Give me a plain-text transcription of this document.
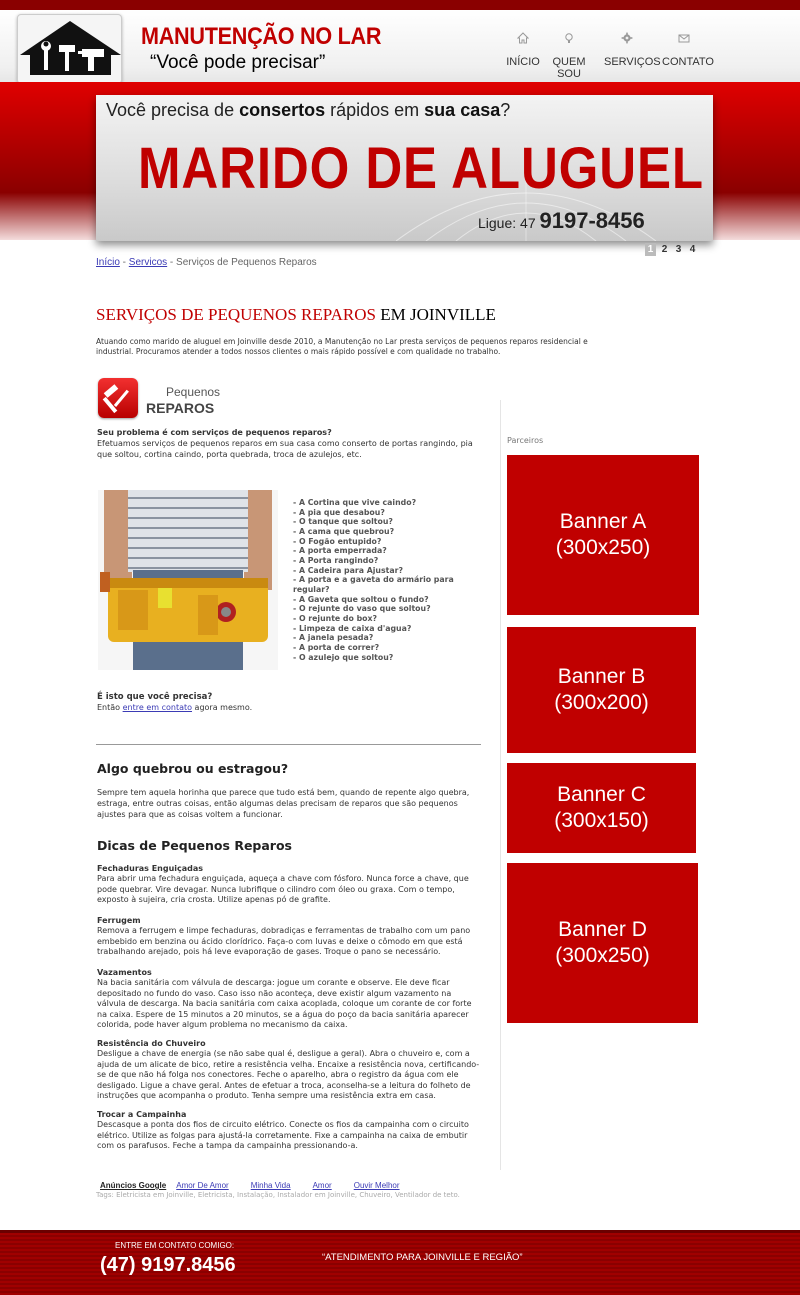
MANUTENÇÃO NO LAR
“Você pode precisar”	INÍCIO	QUEM SOU
SERVIÇOS CONTATO
Você precisa de consertos rápidos em sua casa?
MARIDO DE ALUGUEL
Ligue: 47 9197-8456
1 2 3 4
Início - Servicos - Serviços de Pequenos Reparos
SERVIÇOS DE PEQUENOS REPAROS EM JOINVILLE
Atuando como marido de aluguel em Joinville desde 2010, a Manutenção no Lar presta serviços de pequenos reparos residencial e industrial. Procuramos atender a todos nossos clientes o mais rápido possível e com qualidade no trabalho.
Pequenos
REPAROS
Seu problema é com serviços de pequenos reparos?
Efetuamos serviços de pequenos reparos em sua casa como conserto de portas rangindo, pia que soltou, cortina caindo, porta quebrada, troca de azulejos, etc.
- A Cortina que vive caindo?
- A pia que desabou?
- O tanque que soltou?
- A cama que quebrou?
- O Fogão entupido?
- A porta emperrada?
- A Porta rangindo?
- A Cadeira para Ajustar?
- A porta e a gaveta do armário para regular?
- A Gaveta que soltou o fundo?
- O rejunte do vaso que soltou?
- O rejunte do box?
- Limpeza de caixa d'agua?
- A janela pesada?
- A porta de correr?
- O azulejo que soltou?
É isto que você precisa?
Então entre em contato agora mesmo.
Algo quebrou ou estragou?
Sempre tem aquela horinha que parece que tudo está bem, quando de repente algo quebra, estraga, entre outras coisas, então algumas delas precisam de reparos que são pequenos ajustes para que as coisas voltem a funcionar.
Dicas de Pequenos Reparos
Fechaduras Enguiçadas
Para abrir uma fechadura enguiçada, aqueça a chave com fósforo. Nunca force a chave, que pode quebrar. Vire devagar. Nunca lubrifique o cilindro com óleo ou graxa. Com o tempo, exposto à sujeira, cria crosta. Utilize apenas pó de grafite.
Ferrugem
Remova a ferrugem e limpe fechaduras, dobradiças e ferramentas de trabalho com um pano embebido em benzina ou ácido clorídrico. Faça-o com luvas e deixe o cômodo em que está trabalhando arejado, pois há leve evaporação de gases. Troque o pano se necessário.
Vazamentos
Na bacia sanitária com válvula de descarga: jogue um corante e observe. Ele deve ficar depositado no fundo do vaso. Caso isso não aconteça, deve existir algum vazamento na válvula de descarga. Na bacia sanitária com caixa acoplada, coloque um corante de cor forte na caixa. Espere de 15 minutos a 20 minutos, se a água do poço da bacia sanitária aparecer colorida, pode haver algum problema no mecanismo da caixa.
Resistência do Chuveiro
Desligue a chave de energia (se não sabe qual é, desligue a geral). Abra o chuveiro e, com a ajuda de um alicate de bico, retire a resistência velha. Encaixe a resistência nova, certificando-se de que não há folga nos conectores. Feche o aparelho, abra o registro da água com ele desligado. Ligue a chave geral. Antes de efetuar a troca, aconselha-se a leitura do folheto de instruções que acompanha o produto. Tenha sempre uma resistência extra em casa.
Trocar a Campainha
Descasque a ponta dos fios de circuito elétrico. Conecte os fios da campainha com o circuito elétrico. Utilize as folgas para ajustá-la corretamente. Fixe a campainha na caixa de embutir com os parafusos. Feche a tampa da campainha pressionando-a.
Anúncios Google Amor De Amor	Minha Vida	Amor	Ouvir Melhor
Tags: Eletricista em Joinville, Eletricista, Instalação, Instalador em Joinville, Chuveiro, Ventilador de teto.
Parceiros
Banner A
(300x250)
Banner B
(300x200)
Banner C
(300x150)
Banner D
(300x250)
ENTRE EM CONTATO COMIGO:
(47) 9197.8456	“ATENDIMENTO PARA JOINVILLE E REGIÃO”
